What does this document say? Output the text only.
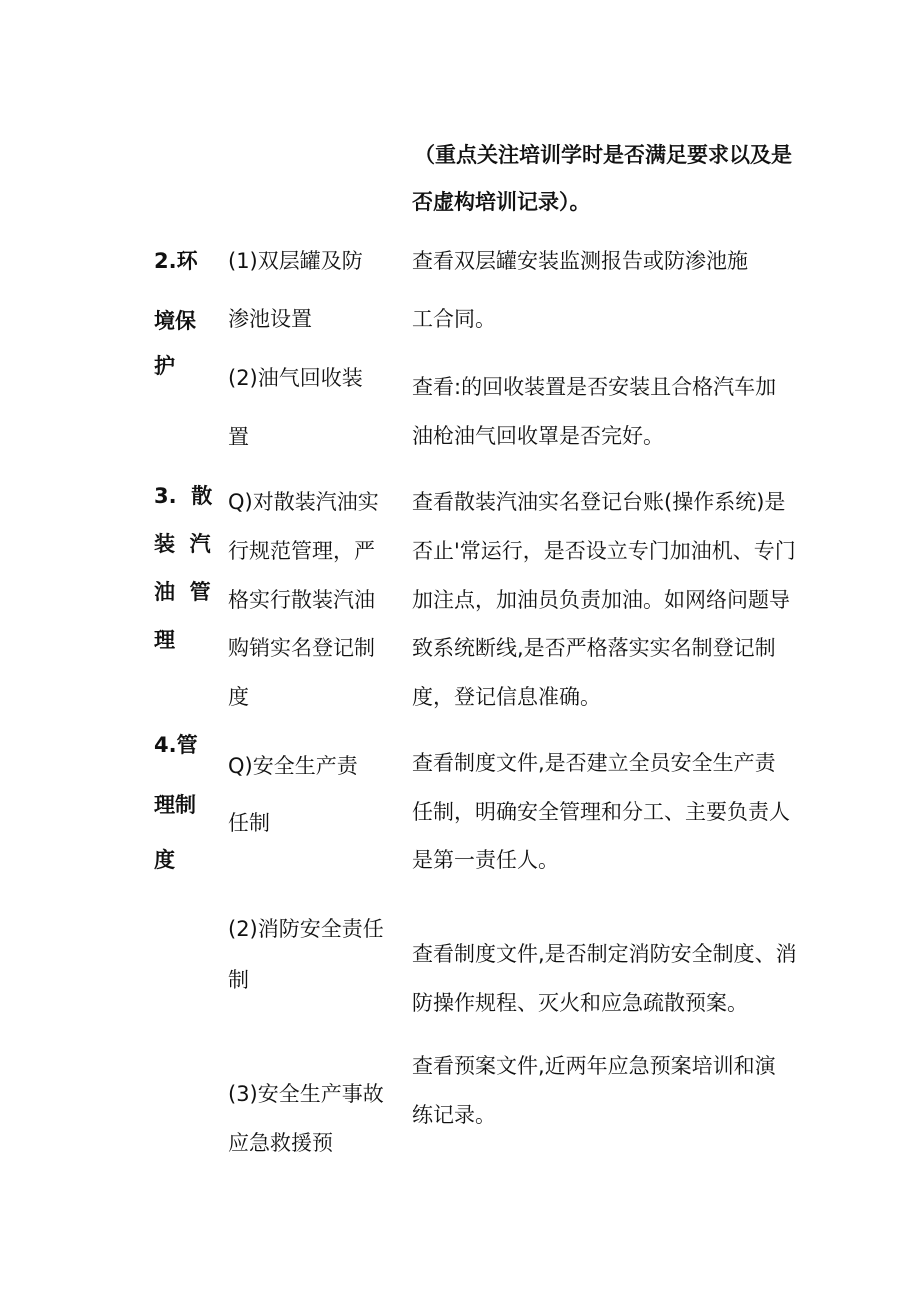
（重点关注培训学时是否满足要求以及是
否虚构培训记录）。
2.环
境保
护
(1)双层罐及防
渗池设置
查看双层罐安装监测报告或防渗池施
工合同。
(2)油气回收装
置
查看:的回收装置是否安装且合格汽车加
油枪油气回收罩是否完好。
3.  散
装  汽
油  管
理
Q)对散装汽油实
行规范管理，严
格实行散装汽油
购销实名登记制
度
查看散装汽油实名登记台账(操作系统)是
否止'常运行，是否设立专门加油机、专门
加注点，加油员负责加油。如网络问题导
致系统断线,是否严格落实实名制登记制
度，登记信息准确。
4.管
理制
度
Q)安全生产责
任制
查看制度文件,是否建立全员安全生产责
任制，明确安全管理和分工、主要负责人
是第一责任人。
(2)消防安全责任
制
查看制度文件,是否制定消防安全制度、消
防操作规程、灭火和应急疏散预案。
(3)安全生产事故
应急救援预
查看预案文件,近两年应急预案培训和演
练记录。
